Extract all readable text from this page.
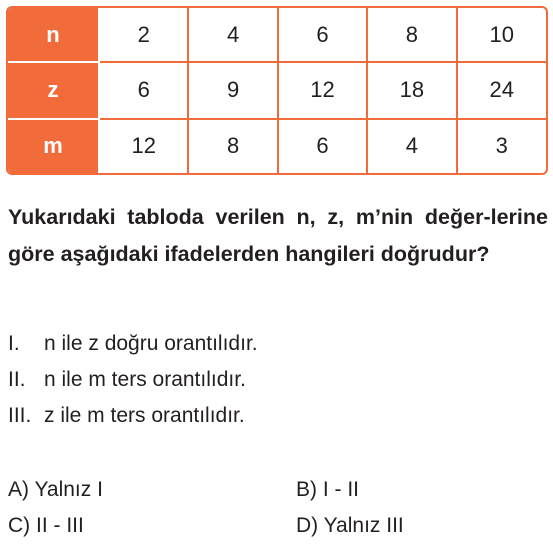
n	2	4	6	8	10
z	6	9	12	18	24
m	12	8	6	4	3
Yukarıdaki tabloda verilen n, z, m’nin değer-lerine göre aşağıdaki ifadelerden hangileri doğrudur?
I. n ile z doğru orantılıdır.
II. n ile m ters orantılıdır.
III. z ile m ters orantılıdır.
A) Yalnız I	B) I - II
C) II - III	D) Yalnız III
